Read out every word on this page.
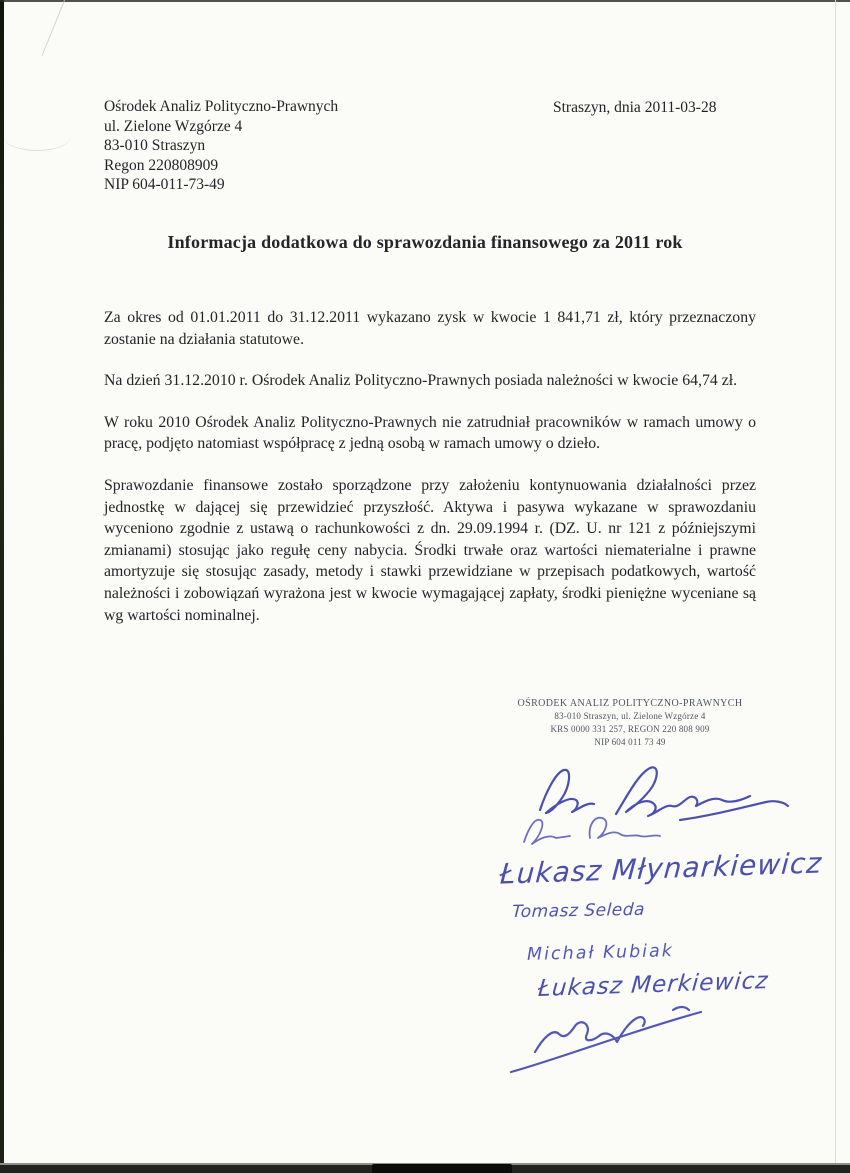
Ośrodek Analiz Polityczno-Prawnych
ul. Zielone Wzgórze 4
83-010 Straszyn
Regon 220808909
NIP 604-011-73-49
Straszyn, dnia 2011-03-28
Informacja dodatkowa do sprawozdania finansowego za 2011 rok

Za okres od 01.01.2011 do 31.12.2011 wykazano zysk w kwocie 1 841,71 zł, który przeznaczony zostanie na działania statutowe.

Na dzień 31.12.2010 r. Ośrodek Analiz Polityczno-Prawnych posiada należności w kwocie 64,74 zł.

W roku 2010 Ośrodek Analiz Polityczno-Prawnych nie zatrudniał pracowników w ramach umowy o pracę, podjęto natomiast współpracę z jedną osobą w ramach umowy o dzieło.

Sprawozdanie finansowe zostało sporządzone przy założeniu kontynuowania działalności przez jednostkę w dającej się przewidzieć przyszłość. Aktywa i pasywa wykazane w sprawozdaniu wyceniono zgodnie z ustawą o rachunkowości z dn. 29.09.1994 r. (DZ. U. nr 121 z późniejszymi zmianami) stosując jako regułę ceny nabycia. Środki trwałe oraz wartości niematerialne i prawne amortyzuje się stosując zasady, metody i stawki przewidziane w przepisach podatkowych, wartość należności i zobowiązań wyrażona jest w kwocie wymagającej zapłaty, środki pieniężne wyceniane są wg wartości nominalnej.

OŚRODEK ANALIZ POLITYCZNO-PRAWNYCH
83-010 Straszyn, ul. Zielone Wzgórze 4
KRS 0000 331 257, REGON 220 808 909
NIP 604 011 73 49
Łukasz Młynarkiewicz
Tomasz Seleda
Michał Kubiak
Łukasz Merkiewicz
